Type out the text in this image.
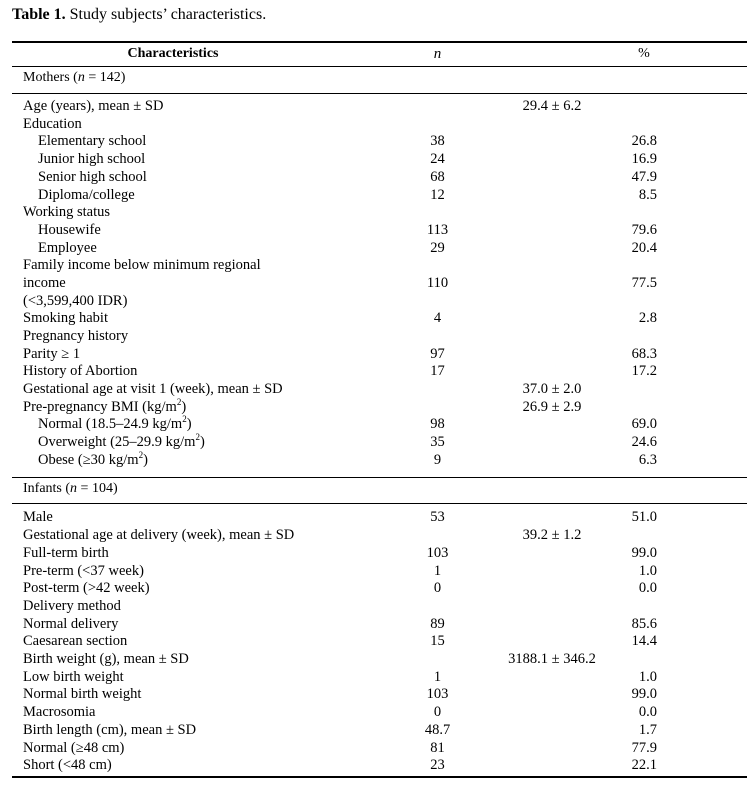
Table 1. Study subjects’ characteristics.
Characteristics	n	%
Mothers (n = 142)		

Age (years), mean ± SD	29.4 ± 6.2	
Education		
Elementary school	38	26.8
Junior high school	24	16.9
Senior high school	68	47.9
Diploma/college	12	8.5
Working status		
Housewife	113	79.6
Employee	29	20.4
Family income below minimum regional		
income	110	77.5
(<3,599,400 IDR)		
Smoking habit	4	2.8
Pregnancy history		
Parity ≥ 1	97	68.3
History of Abortion	17	17.2
Gestational age at visit 1 (week), mean ± SD	37.0 ± 2.0	
Pre-pregnancy BMI $(kg/m^2)$	26.9 ± 2.9	
Normal (18.5–24.9 $kg/m^2$)	98	69.0
Overweight (25–29.9 $kg/m^2$)	35	24.6
Obese (≥30 $kg/m^2$)	9	6.3

Infants (n = 104)		

Male	53	51.0
Gestational age at delivery (week), mean ± SD	39.2 ± 1.2	
Full-term birth	103	99.0
Pre-term (<37 week)	1	1.0
Post-term (>42 week)	0	0.0
Delivery method		
Normal delivery	89	85.6
Caesarean section	15	14.4
Birth weight (g), mean ± SD	3188.1 ± 346.2	
Low birth weight	1	1.0
Normal birth weight	103	99.0
Macrosomia	0	0.0
Birth length (cm), mean ± SD	48.7	1.7
Normal (≥48 cm)	81	77.9
Short (<48 cm)	23	22.1
